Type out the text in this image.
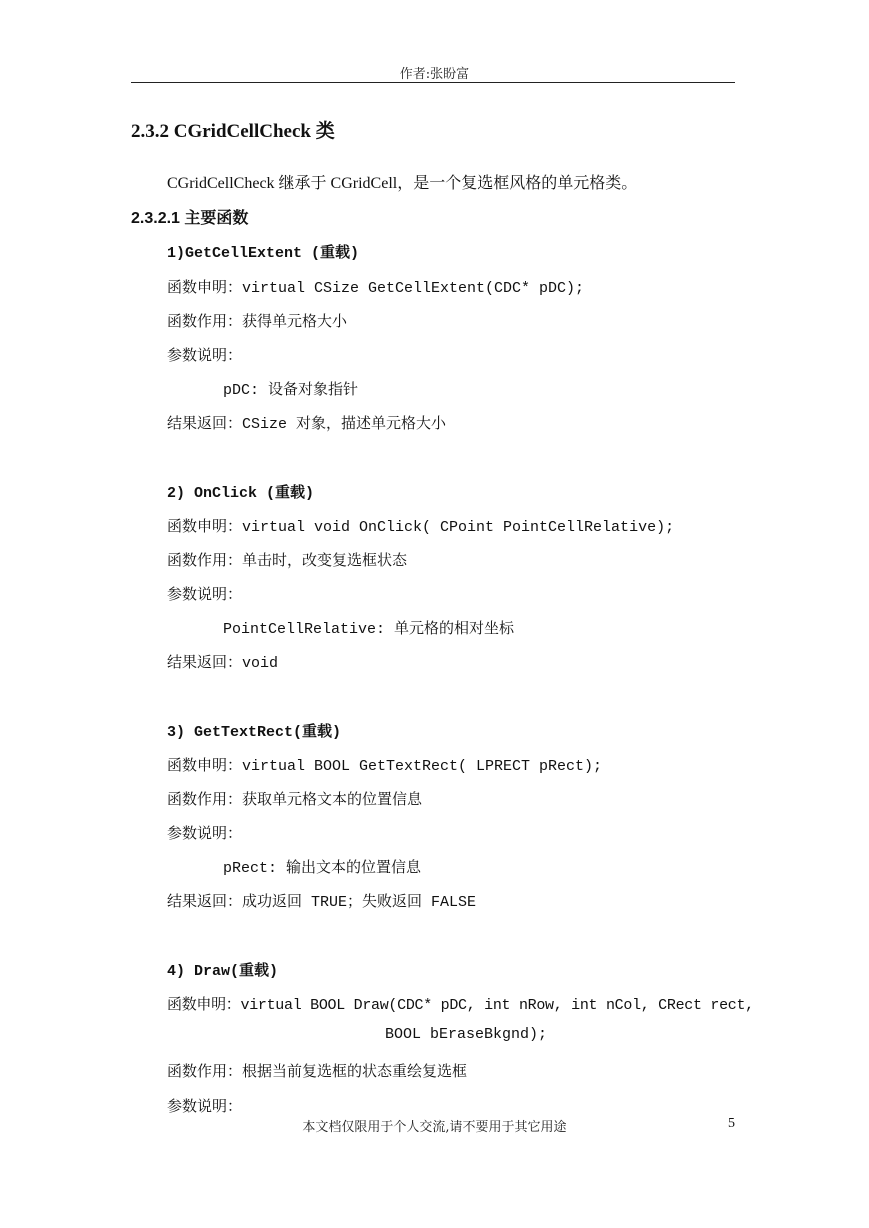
作者:张盼富
2.3.2 CGridCellCheck 类
CGridCellCheck 继承于 CGridCell，是一个复选框风格的单元格类。
2.3.2.1 主要函数
1)GetCellExtent (重载)
函数申明：virtual CSize GetCellExtent(CDC* pDC);
函数作用：获得单元格大小
参数说明：
pDC: 设备对象指针
结果返回：CSize 对象，描述单元格大小
2) OnClick (重载)
函数申明：virtual void OnClick( CPoint PointCellRelative);
函数作用：单击时，改变复选框状态
参数说明：
PointCellRelative: 单元格的相对坐标
结果返回：void
3) GetTextRect(重载)
函数申明：virtual BOOL GetTextRect( LPRECT pRect);
函数作用：获取单元格文本的位置信息
参数说明：
pRect: 输出文本的位置信息
结果返回：成功返回 TRUE；失败返回 FALSE
4) Draw(重载)
函数申明：virtual BOOL Draw(CDC* pDC, int nRow, int nCol, CRect rect,
BOOL bEraseBkgnd);
函数作用：根据当前复选框的状态重绘复选框
参数说明：
本文档仅限用于个人交流,请不要用于其它用途	5
